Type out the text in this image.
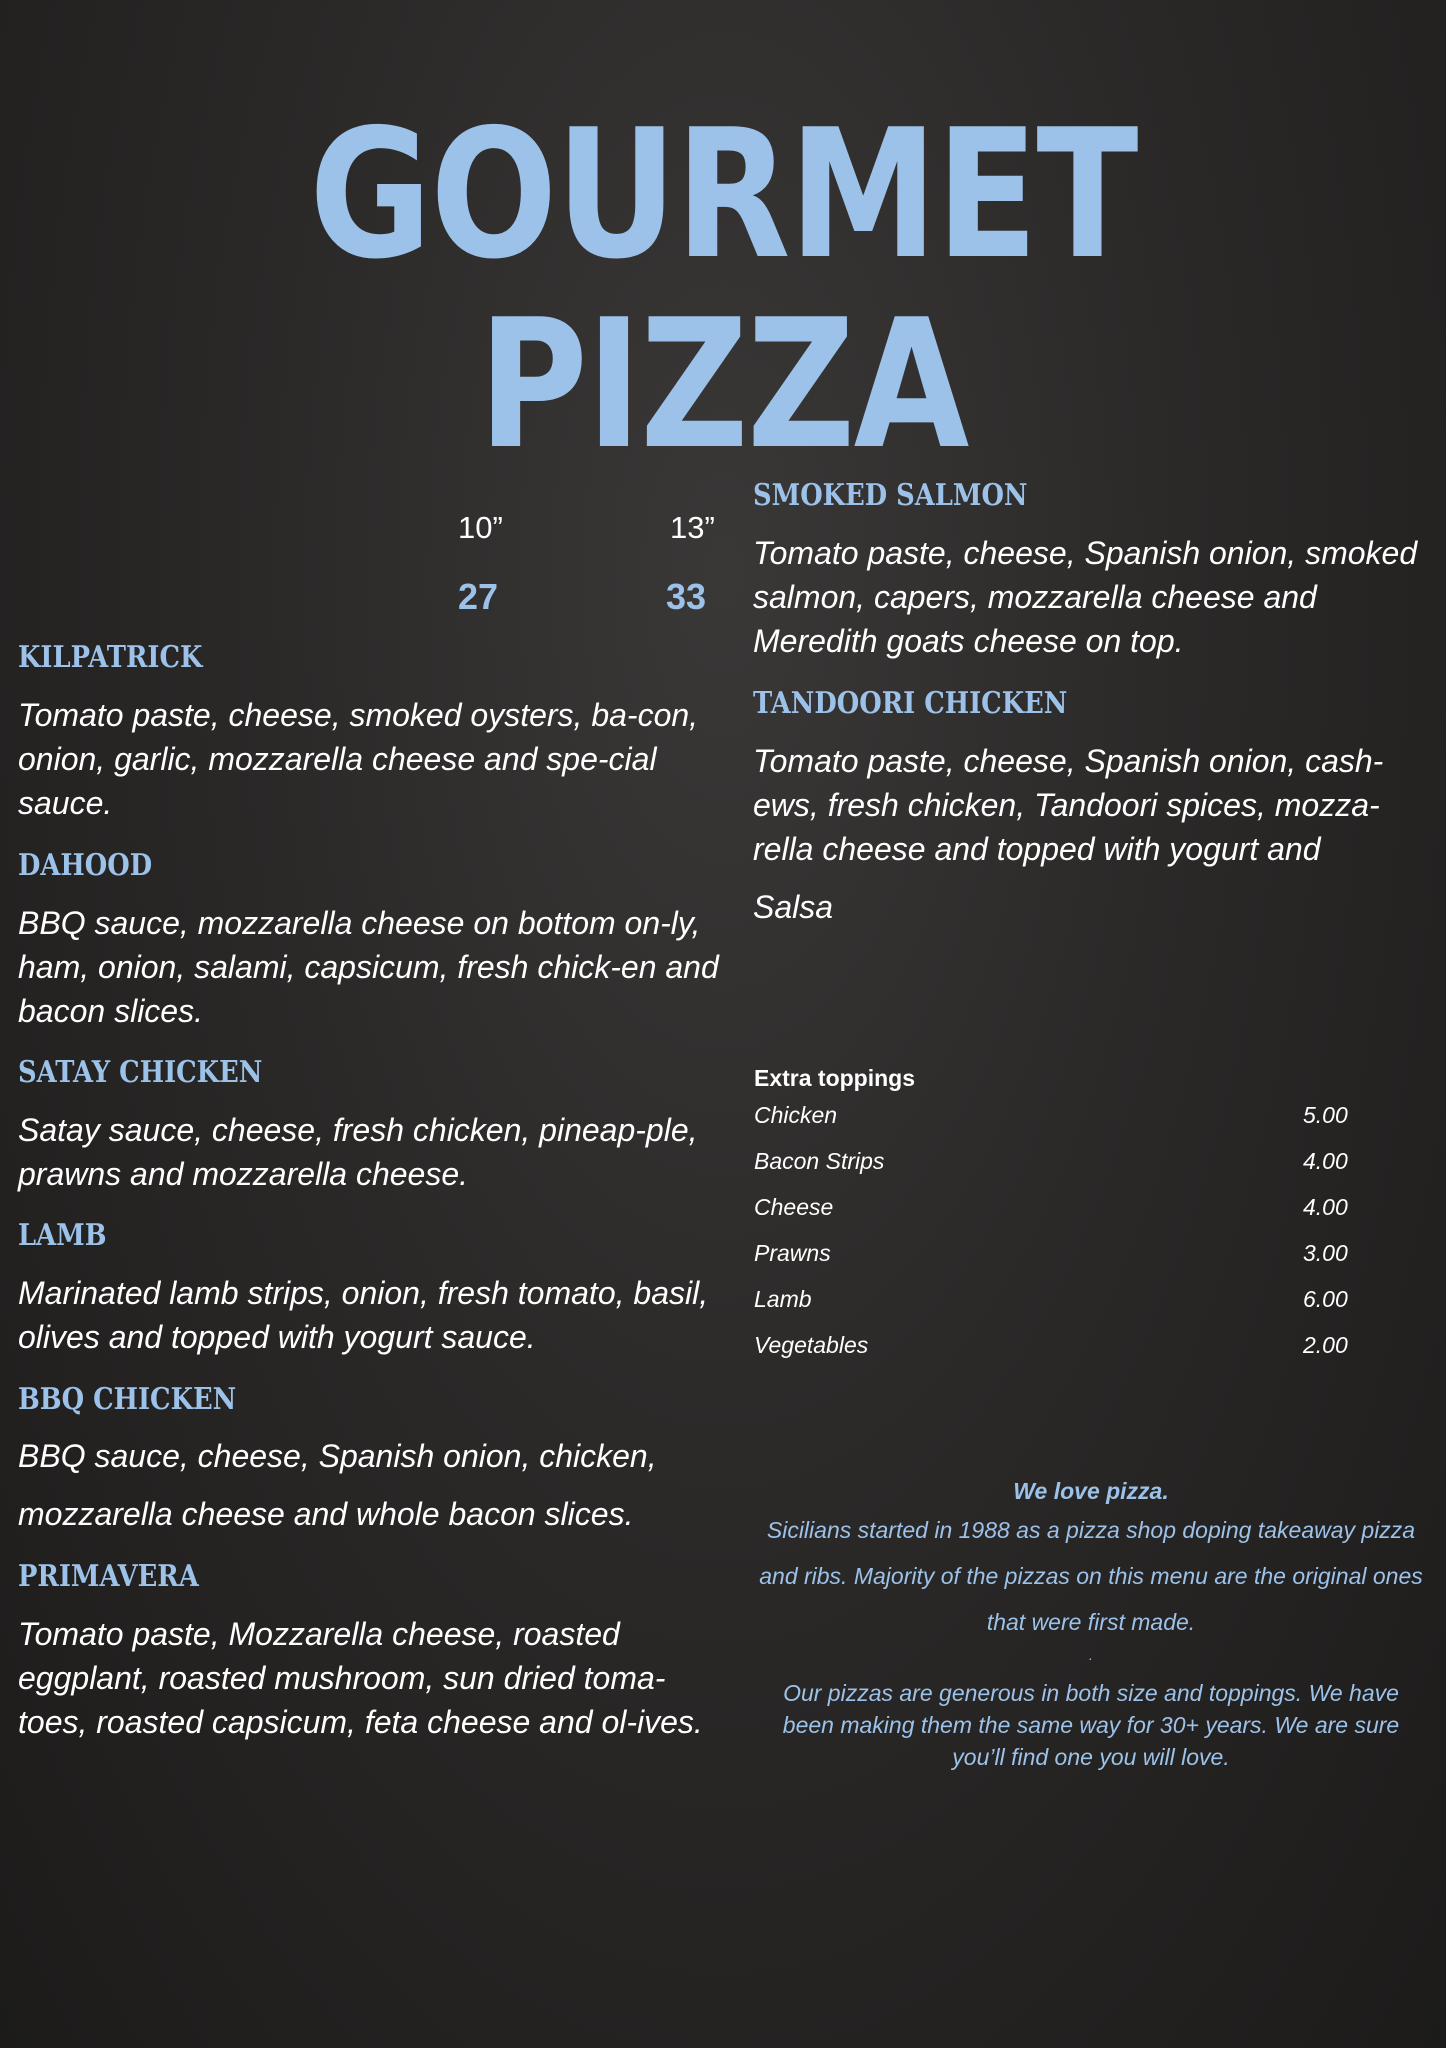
GOURMET PIZZA
10”	13”
27	33
KILPATRICK
Tomato paste, cheese, smoked oysters, ba-con, onion, garlic, mozzarella cheese and spe-cial sauce.
DAHOOD
BBQ sauce, mozzarella cheese on bottom on-ly, ham, onion, salami, capsicum, fresh chick-en and bacon slices.
SATAY CHICKEN
Satay sauce, cheese, fresh chicken, pineap-ple, prawns and mozzarella cheese.
LAMB
Marinated lamb strips, onion, fresh tomato, basil, olives and topped with yogurt sauce.
BBQ CHICKEN
BBQ sauce, cheese, Spanish onion, chicken, mozzarella cheese and whole bacon slices.
PRIMAVERA
Tomato paste, Mozzarella cheese, roasted eggplant, roasted mushroom, sun dried toma-toes, roasted capsicum, feta cheese and ol-ives.
SMOKED SALMON
Tomato paste, cheese, Spanish onion, smoked salmon, capers, mozzarella cheese and Meredith goats cheese on top.
TANDOORI CHICKEN
Tomato paste, cheese, Spanish onion, cash-ews, fresh chicken, Tandoori spices, mozza-rella cheese and topped with yogurt and
Salsa
Extra toppings
Chicken	5.00
Bacon Strips	4.00
Cheese	4.00
Prawns	3.00
Lamb	6.00
Vegetables	2.00
We love pizza.
Sicilians started in 1988 as a pizza shop doping takeaway pizza and ribs. Majority of the pizzas on this menu are the original ones that were first made.
.
Our pizzas are generous in both size and toppings. We have been making them the same way for 30+ years. We are sure you’ll find one you will love.
